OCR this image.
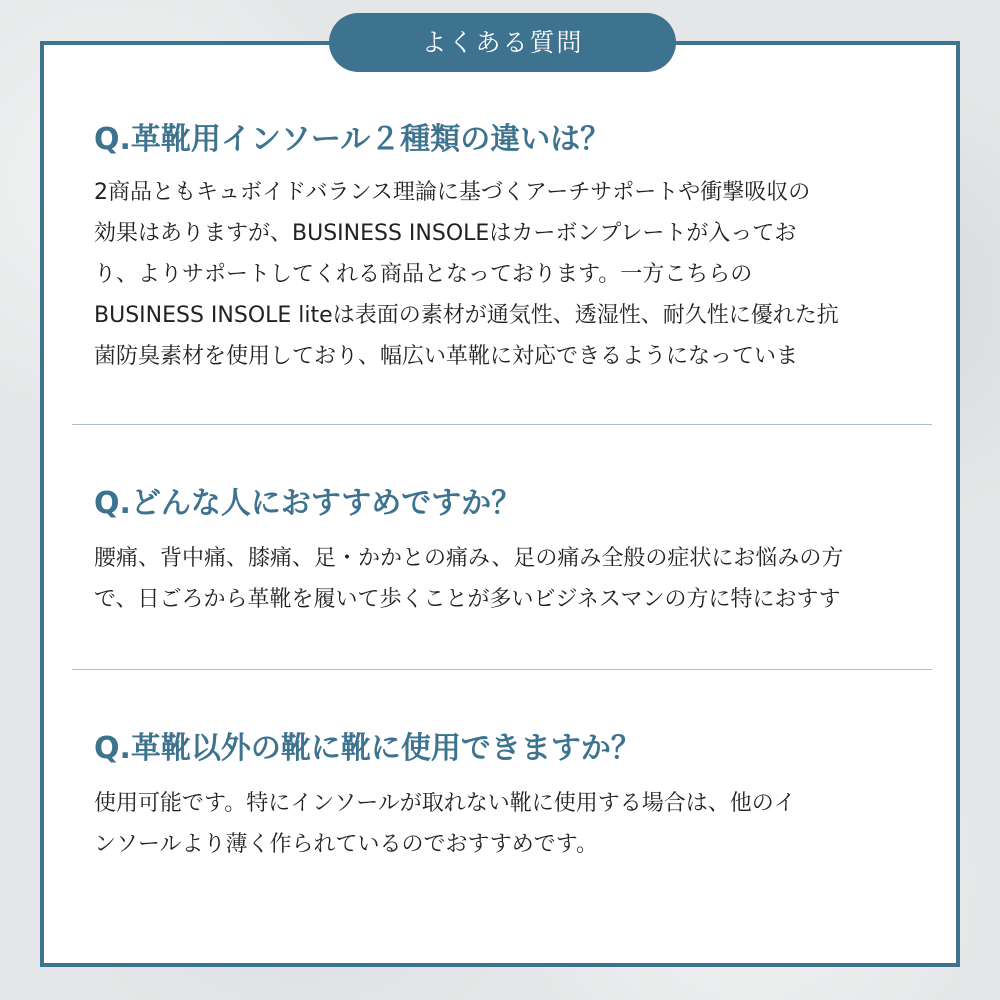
よくある質問
Q.革靴用インソール２種類の違いは？
2商品ともキュボイドバランス理論に基づくアーチサポートや衝撃吸収の
効果はありますが、BUSINESS INSOLEはカーボンプレートが入ってお
り、よりサポートしてくれる商品となっております。一方こちらの
BUSINESS INSOLE liteは表面の素材が通気性、透湿性、耐久性に優れた抗
菌防臭素材を使用しており、幅広い革靴に対応できるようになっていま
Q.どんな人におすすめですか？
腰痛、背中痛、膝痛、足・かかとの痛み、足の痛み全般の症状にお悩みの方
で、日ごろから革靴を履いて歩くことが多いビジネスマンの方に特におすす
Q.革靴以外の靴に靴に使用できますか？
使用可能です。特にインソールが取れない靴に使用する場合は、他のイ
ンソールより薄く作られているのでおすすめです。
